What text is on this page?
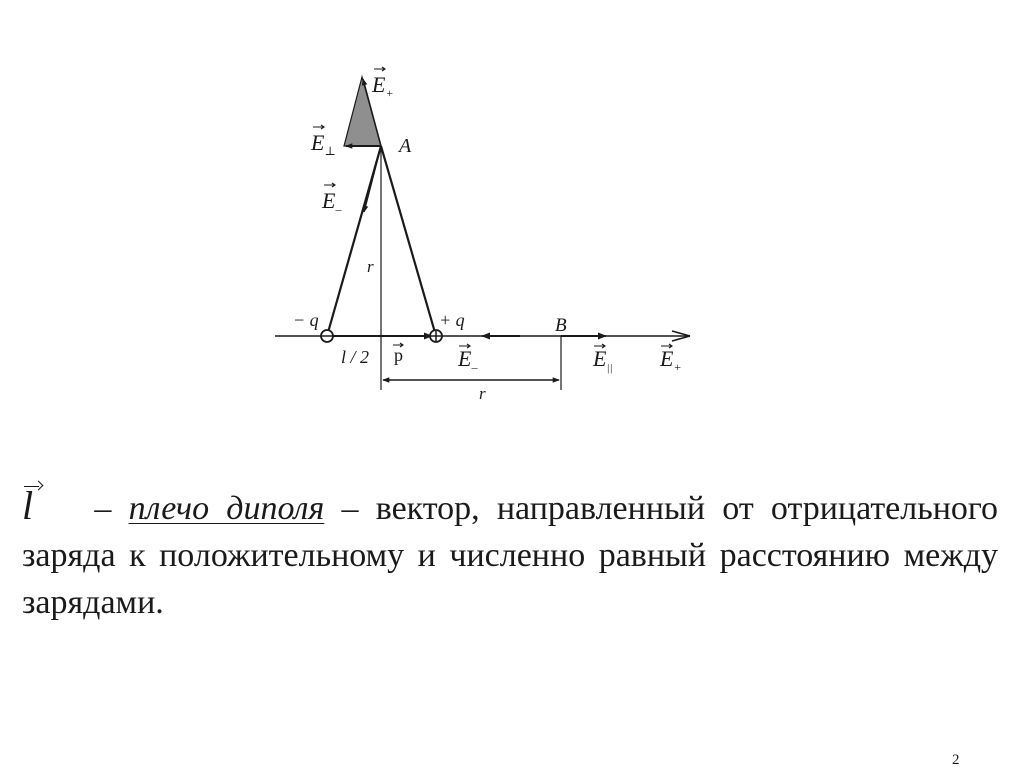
$E_+$
$E_\perp$
$E_-$
A
r
− q	+ q
l / 2 p	$E_-$
B
$E_{||}$ $E_+$
r
l – плечо диполя – вектор, направленный от отрицательного заряда к положительному и численно равный расстоянию между зарядами.
2
